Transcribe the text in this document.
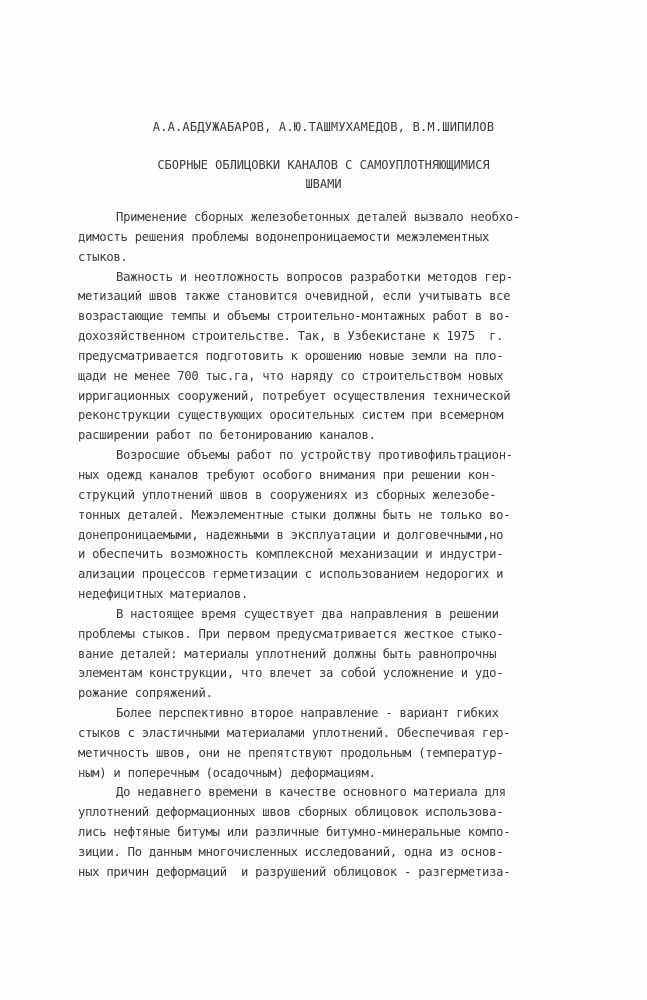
А.А.АБДУЖАБАРОВ, А.Ю.ТАШМУХАМЕДОВ, В.М.ШИПИЛОВ
СБОРНЫЕ ОБЛИЦОВКИ КАНАЛОВ С САМОУПЛОТНЯЮЩИМИСЯ
ШВАМИ
Применение сборных железобетонных деталей вызвало необхо-
димость решения проблемы водонепроницаемости межэлементных
стыков.
Важность и неотложность вопросов разработки методов гер-
метизаций швов также становится очевидной, если учитывать все
возрастающие темпы и объемы строительно-монтажных работ в во-
дохозяйственном строительстве. Так, в Узбекистане к 1975  г.
предусматривается подготовить к орошению новые земли на пло-
щади не менее 700 тыс.га, что наряду со строительством новых
ирригационных сооружений, потребует осуществления технической
реконструкции существующих оросительных систем при всемерном
расширении работ по бетонированию каналов.
Возросшие объемы работ по устройству противофильтрацион-
ных одежд каналов требуют особого внимания при решении кон-
струкций уплотнений швов в сооружениях из сборных железобе-
тонных деталей. Межэлементные стыки должны быть не только во-
донепроницаемыми, надежными в эксплуатации и долговечными,но
и обеспечить возможность комплексной механизации и индустри-
ализации процессов герметизации с использованием недорогих и
недефицитных материалов.
В настоящее время существует два направления в решении
проблемы стыков. При первом предусматривается жесткое стыко-
вание деталей: материалы уплотнений должны быть равнопрочны
элементам конструкции, что влечет за собой усложнение и удо-
рожание сопряжений.
Более перспективно второе направление - вариант гибких
стыков с эластичными материалами уплотнений. Обеспечивая гер-
метичность швов, они не препятствуют продольным (температур-
ным) и поперечным (осадочным) деформациям.
До недавнего времени в качестве основного материала для
уплотнений деформационных швов сборных облицовок использова-
лись нефтяные битумы или различные битумно-минеральные компо-
зиции. По данным многочисленных исследований, одна из основ-
ных причин деформаций  и разрушений облицовок - разгерметиза-
